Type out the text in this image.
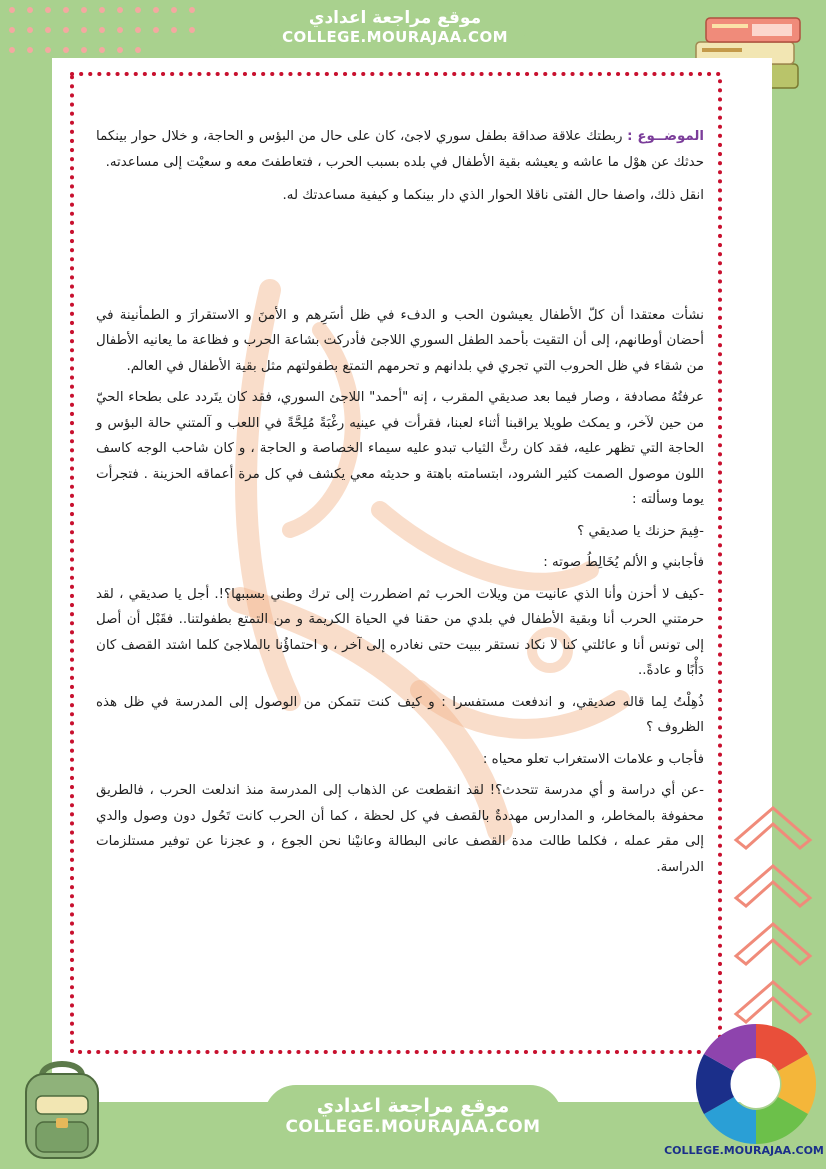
موقع مراجعة اعدادي
COLLEGE.MOURAJAA.COM

الموضــوع : ربطتك علاقة صداقة بطفل سوري لاجئ، كان على حال من البؤس و الحاجة، و خلال حوار بينكما حدثك عن هوْل ما عاشه و يعيشه بقية الأطفال في بلده بسبب الحرب ، فتعاطفتَ معه و سعيْت إلى مساعدته.

انقل ذلك، واصفا حال الفتى ناقلا الحوار الذي دار بينكما و كيفية مساعدتك له.

نشأت معتقدا أن كلّ الأطفال يعيشون الحب و الدفء في ظل أسَرِهم و الأمنَ و الاستقرارَ و الطمأنينة في أحضان أوطانهم، إلى أن التقيت بأحمد الطفل السوري اللاجئ فأدركت بشاعة الحرب و فظاعة ما يعانيه الأطفال من شقاء في ظل الحروب التي تجري في بلدانهم و تحرمهم التمتع بطفولتهم مثل بقية الأطفال في العالم.

عرفتُهُ مصادفة ، وصار فيما بعد صديقي المقرب ، إنه "أحمد" اللاجئ السوري، فقد كان يتَردد على بطحاء الحيّ من حين لآخر، و يمكث طويلا يراقبنا أثناء لعبنا، فقرأت في عينيه رغْبَةً مُلِحَّةً في اللعب و آلمتني حالة البؤس و الحاجة التي تظهر عليه، فقد كان رثَّ الثياب تبدو عليه سيماء الخصاصة و الحاجة ، و كان شاحب الوجه كاسف اللون موصول الصمت كثير الشرود، ابتسامته باهتة و حديثه معي يكشف في كل مرة أعماقه الحزينة . فتجرأت يوما وسألته :

-فِيمَ حزنك يا صديقي ؟

فأجابني و الألم يُخَالِطُ صوته :

-كيف لا أحزن وأنا الذي عانيت من ويلات الحرب ثم اضطررت إلى ترك وطني بسببها؟!. أجل يا صديقي ، لقد حرمتني الحرب أنا وبقية الأطفال في بلدي من حقنا في الحياة الكريمة و من التمتع بطفولتنا.. فقَبْل أن أصل إلى تونس أنا و عائلتي كنا لا نكاد نستقر ببيت حتى نغادره إلى آخر ، و احتماؤُنا بالملاجئ كلما اشتد القصف كان دَأْبًا و عادةً..

ذُهِلْتُ لِما قاله صديقي، و اندفعت مستفسرا : و كيف كنت تتمكن من الوصول إلى المدرسة في ظل هذه الظروف ؟

فأجاب و علامات الاستغراب تعلو محياه :

-عن أي دراسة و أي مدرسة تتحدث؟! لقد انقطعت عن الذهاب إلى المدرسة منذ اندلعت الحرب ، فالطريق محفوفة بالمخاطر، و المدارس مهددةٌ بالقصف في كل لحظة ، كما أن الحرب كانت تَحُول دون وصول والدي إلى مقر عمله ، فكلما طالت مدة القصف عانى البطالة وعانيْنا نحن الجوع ، و عجزنا عن توفير مستلزمات الدراسة.

موقع مراجعة اعدادي
COLLEGE.MOURAJAA.COM
COLLEGE.MOURAJAA.COM
